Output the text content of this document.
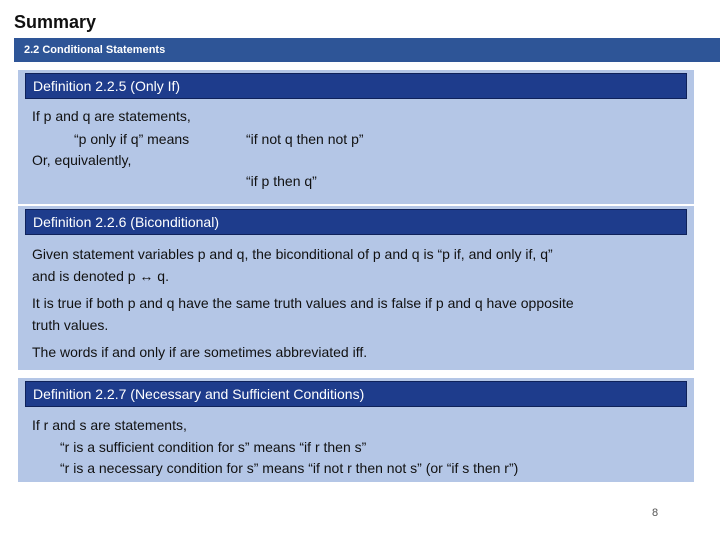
Summary
2.2 Conditional Statements
Definition 2.2.5 (Only If)
If p and q are statements,
“p only if q” means	“if not q then not p”
Or, equivalently,
“if p then q”
Definition 2.2.6 (Biconditional)
Given statement variables p and q, the biconditional of p and q is “p if, and only if, q”
and is denoted p ↔ q.
It is true if both p and q have the same truth values and is false if p and q have opposite
truth values.
The words if and only if are sometimes abbreviated iff.
Definition 2.2.7 (Necessary and Sufficient Conditions)
If r and s are statements,
“r is a sufficient condition for s” means “if r then s”
“r is a necessary condition for s” means “if not r then not s” (or “if s then r”)
8
